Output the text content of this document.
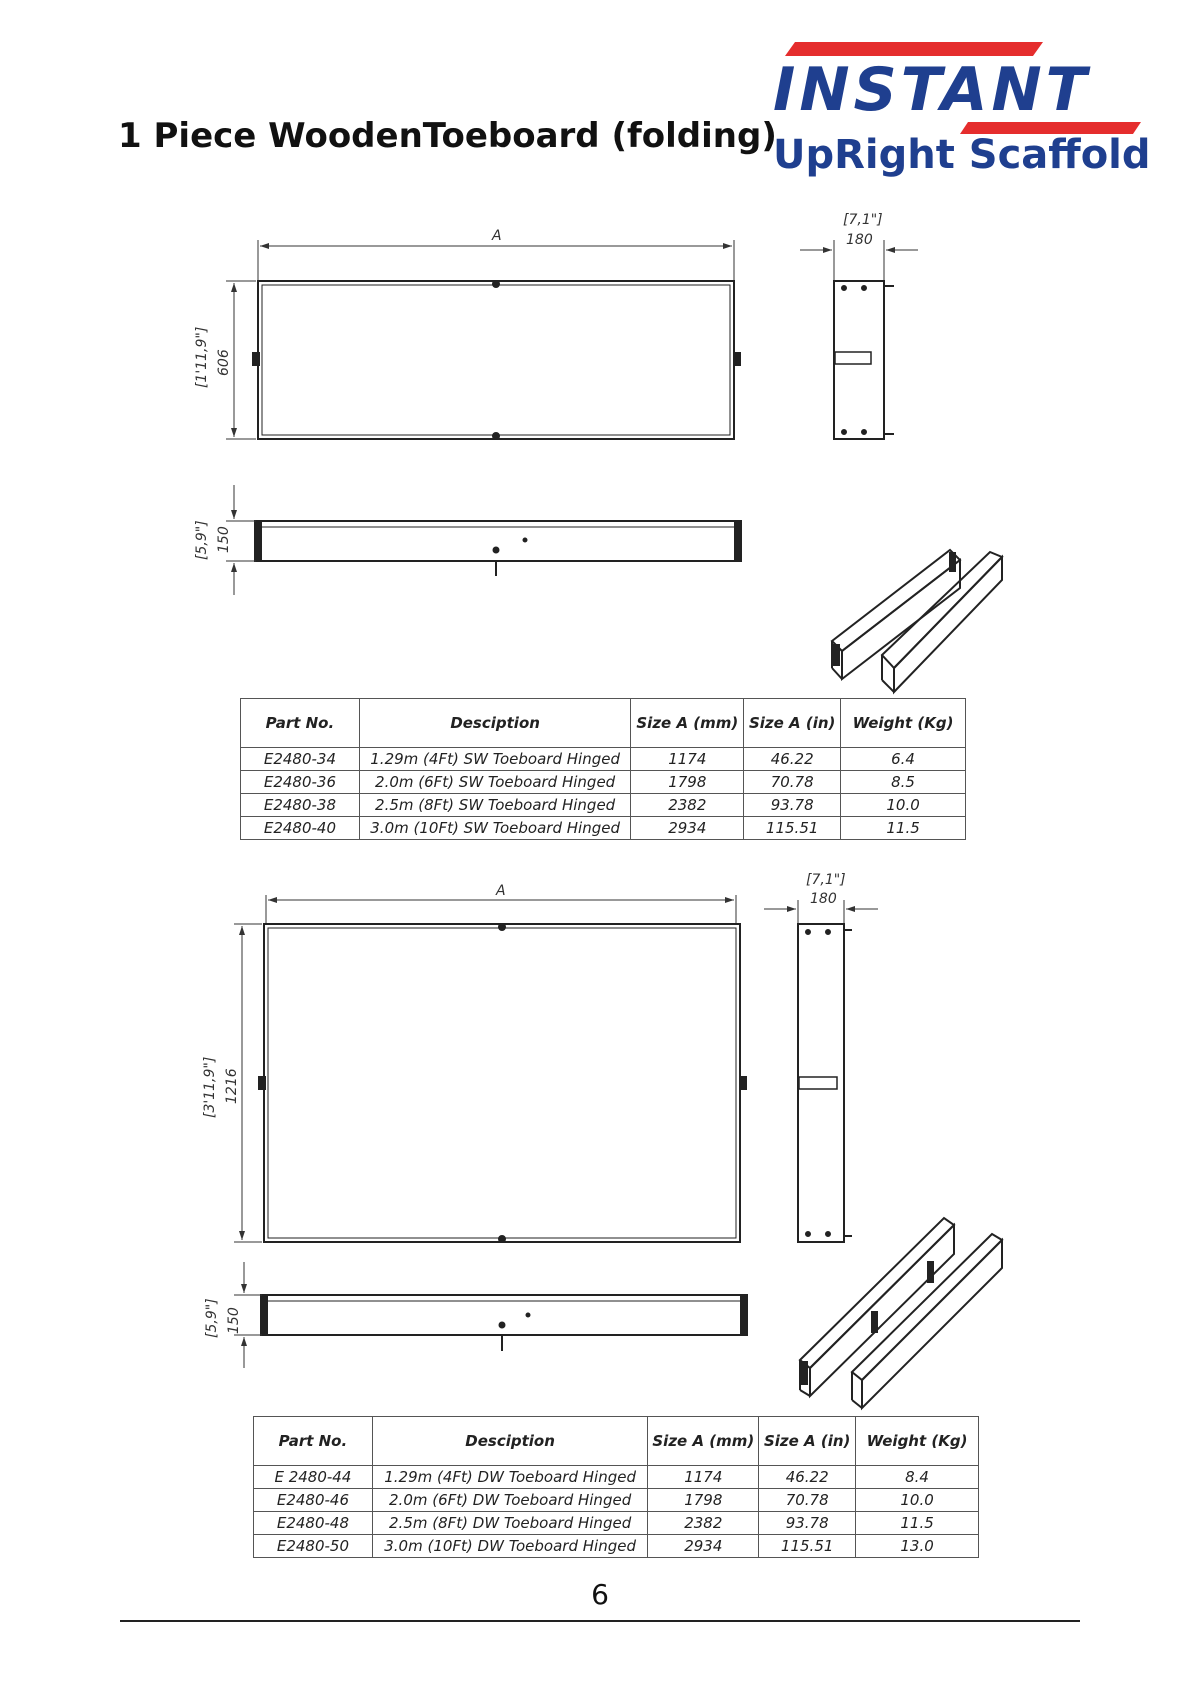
1 Piece WoodenToeboard (folding)
INSTANT
UpRight Scaffold
A
606
[1'11,9"]
[7,1"]
180
150
[5,9"]
A
1216
[3'11,9"]
[7,1"]
180
150
[5,9"]
Part No.	Desciption	Size A (mm)	Size A (in)	Weight (Kg)
E2480-34	1.29m (4Ft) SW Toeboard Hinged	1174	46.22	6.4
E2480-36	2.0m (6Ft) SW Toeboard Hinged	1798	70.78	8.5
E2480-38	2.5m (8Ft) SW Toeboard Hinged	2382	93.78	10.0
E2480-40	3.0m (10Ft) SW Toeboard Hinged	2934	115.51	11.5
Part No.	Desciption	Size A (mm)	Size A (in)	Weight (Kg)
E 2480-44	1.29m (4Ft) DW Toeboard Hinged	1174	46.22	8.4
E2480-46	2.0m (6Ft) DW Toeboard Hinged	1798	70.78	10.0
E2480-48	2.5m (8Ft) DW Toeboard Hinged	2382	93.78	11.5
E2480-50	3.0m (10Ft) DW Toeboard Hinged	2934	115.51	13.0
6
